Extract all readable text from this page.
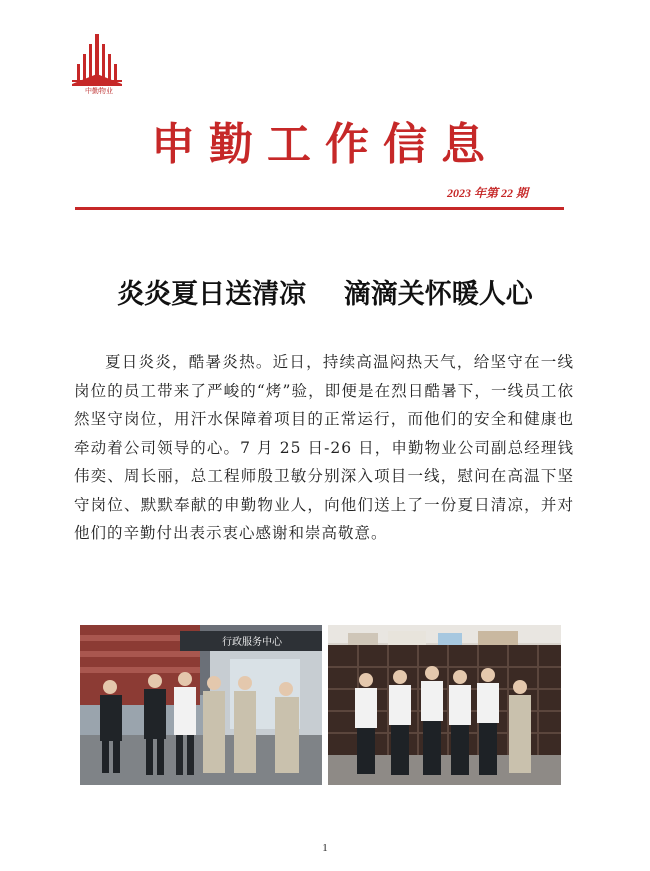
中勤物业
申勤工作信息
2023 年第 22 期
炎炎夏日送清凉    滴滴关怀暖人心
夏日炎炎，酷暑炎热。近日，持续高温闷热天气，给坚守在一线岗位的员工带来了严峻的“烤”验，即便是在烈日酷暑下，一线员工依然坚守岗位，用汗水保障着项目的正常运行，而他们的安全和健康也牵动着公司领导的心。7 月 25 日-26 日，申勤物业公司副总经理钱伟奕、周长丽，总工程师殷卫敏分别深入项目一线，慰问在高温下坚守岗位、默默奉献的申勤物业人，向他们送上了一份夏日清凉，并对他们的辛勤付出表示衷心感谢和崇高敬意。
行政服务中心
1
